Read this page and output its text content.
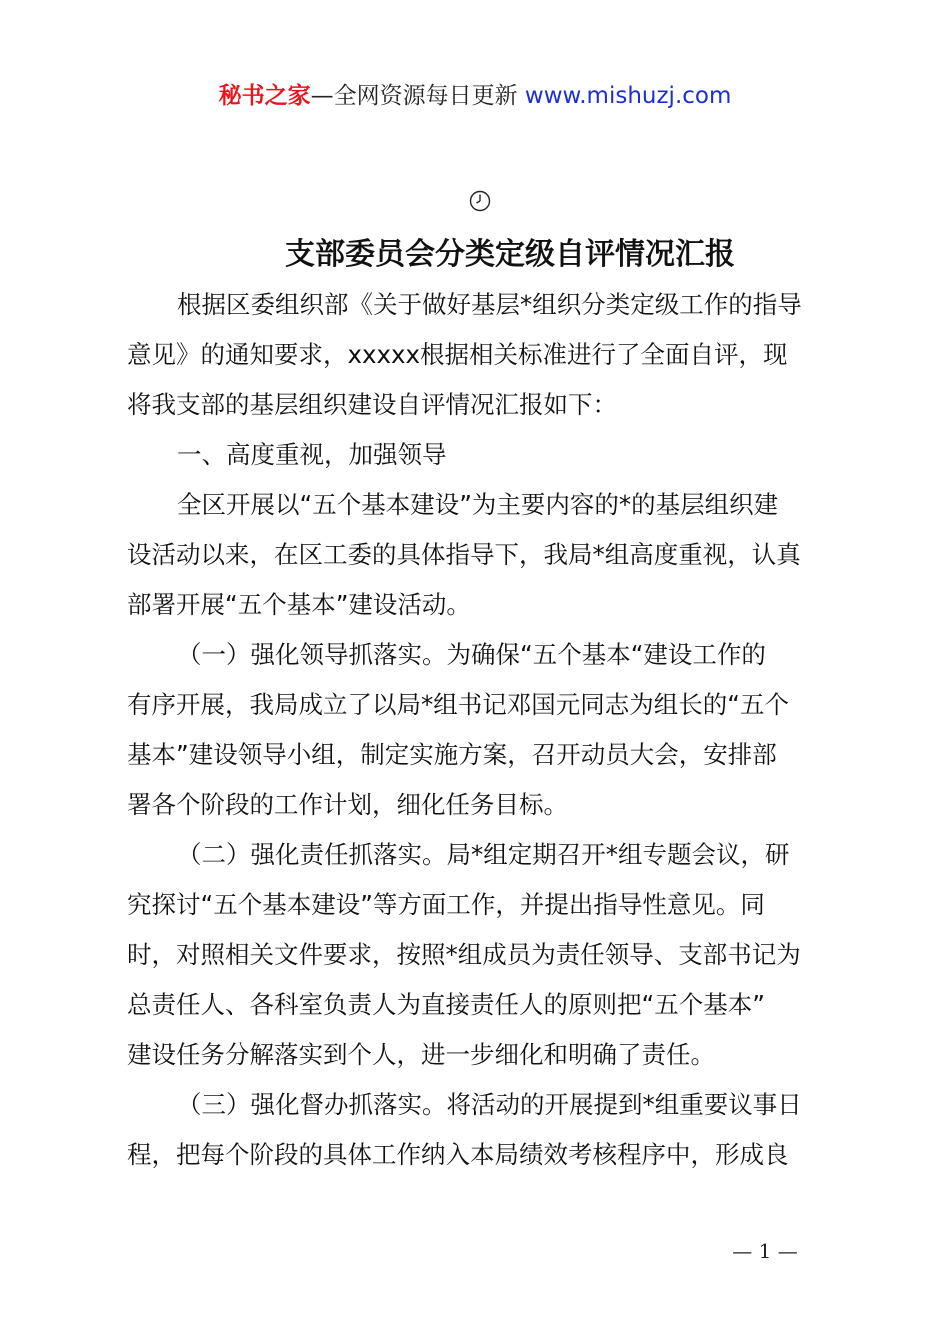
秘书之家—全网资源每日更新 www.mishuzj.com
支部委员会分类定级自评情况汇报
根据区委组织部《关于做好基层*组织分类定级工作的指导
意见》的通知要求，xxxxx根据相关标准进行了全面自评，现
将我支部的基层组织建设自评情况汇报如下：
一、高度重视，加强领导
全区开展以“五个基本建设”为主要内容的*的基层组织建
设活动以来，在区工委的具体指导下，我局*组高度重视，认真
部署开展“五个基本”建设活动。
（一）强化领导抓落实。为确保“五个基本“建设工作的
有序开展，我局成立了以局*组书记邓国元同志为组长的“五个
基本”建设领导小组，制定实施方案，召开动员大会，安排部
署各个阶段的工作计划，细化任务目标。
（二）强化责任抓落实。局*组定期召开*组专题会议，研
究探讨“五个基本建设”等方面工作，并提出指导性意见。同
时，对照相关文件要求，按照*组成员为责任领导、支部书记为
总责任人、各科室负责人为直接责任人的原则把“五个基本”
建设任务分解落实到个人，进一步细化和明确了责任。
（三）强化督办抓落实。将活动的开展提到*组重要议事日
程，把每个阶段的具体工作纳入本局绩效考核程序中，形成良
— 1 —
